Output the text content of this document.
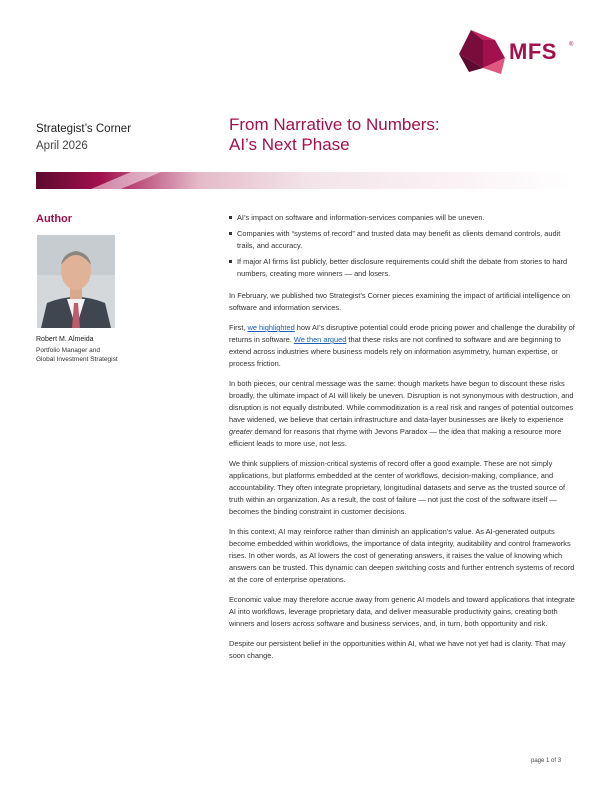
MFS ®
Strategist’s Corner
April 2026
From Narrative to Numbers:
AI’s Next Phase
Author
Robert M. Almeida
Portfolio Manager and
Global Investment Strategist
AI’s impact on software and information-services companies will be uneven.
Companies with “systems of record” and trusted data may benefit as clients demand controls, audit trails, and accuracy.
If major AI firms list publicly, better disclosure requirements could shift the debate from stories to hard numbers, creating more winners — and losers.

In February, we published two Strategist’s Corner pieces examining the impact of artificial intelligence on software and information services.

First, we highlighted how AI’s disruptive potential could erode pricing power and challenge the durability of returns in software. We then argued that these risks are not confined to software and are beginning to extend across industries where business models rely on information asymmetry, human expertise, or process friction.

In both pieces, our central message was the same: though markets have begun to discount these risks broadly, the ultimate impact of AI will likely be uneven. Disruption is not synonymous with destruction, and disruption is not equally distributed. While commoditization is a real risk and ranges of potential outcomes have widened, we believe that certain infrastructure and data-layer businesses are likely to experience greater demand for reasons that rhyme with Jevons Paradox — the idea that making a resource more efficient leads to more use, not less.

We think suppliers of mission-critical systems of record offer a good example. These are not simply applications, but platforms embedded at the center of workflows, decision-making, compliance, and accountability. They often integrate proprietary, longitudinal datasets and serve as the trusted source of truth within an organization. As a result, the cost of failure — not just the cost of the software itself — becomes the binding constraint in customer decisions.

In this context, AI may reinforce rather than diminish an application’s value. As AI-generated outputs become embedded within workflows, the importance of data integrity, auditability and control frameworks rises. In other words, as AI lowers the cost of generating answers, it raises the value of knowing which answers can be trusted. This dynamic can deepen switching costs and further entrench systems of record at the core of enterprise operations.

Economic value may therefore accrue away from generic AI models and toward applications that integrate AI into workflows, leverage proprietary data, and deliver measurable productivity gains, creating both winners and losers across software and business services, and, in turn, both opportunity and risk.

Despite our persistent belief in the opportunities within AI, what we have not yet had is clarity. That may soon change.

page 1 of 3
